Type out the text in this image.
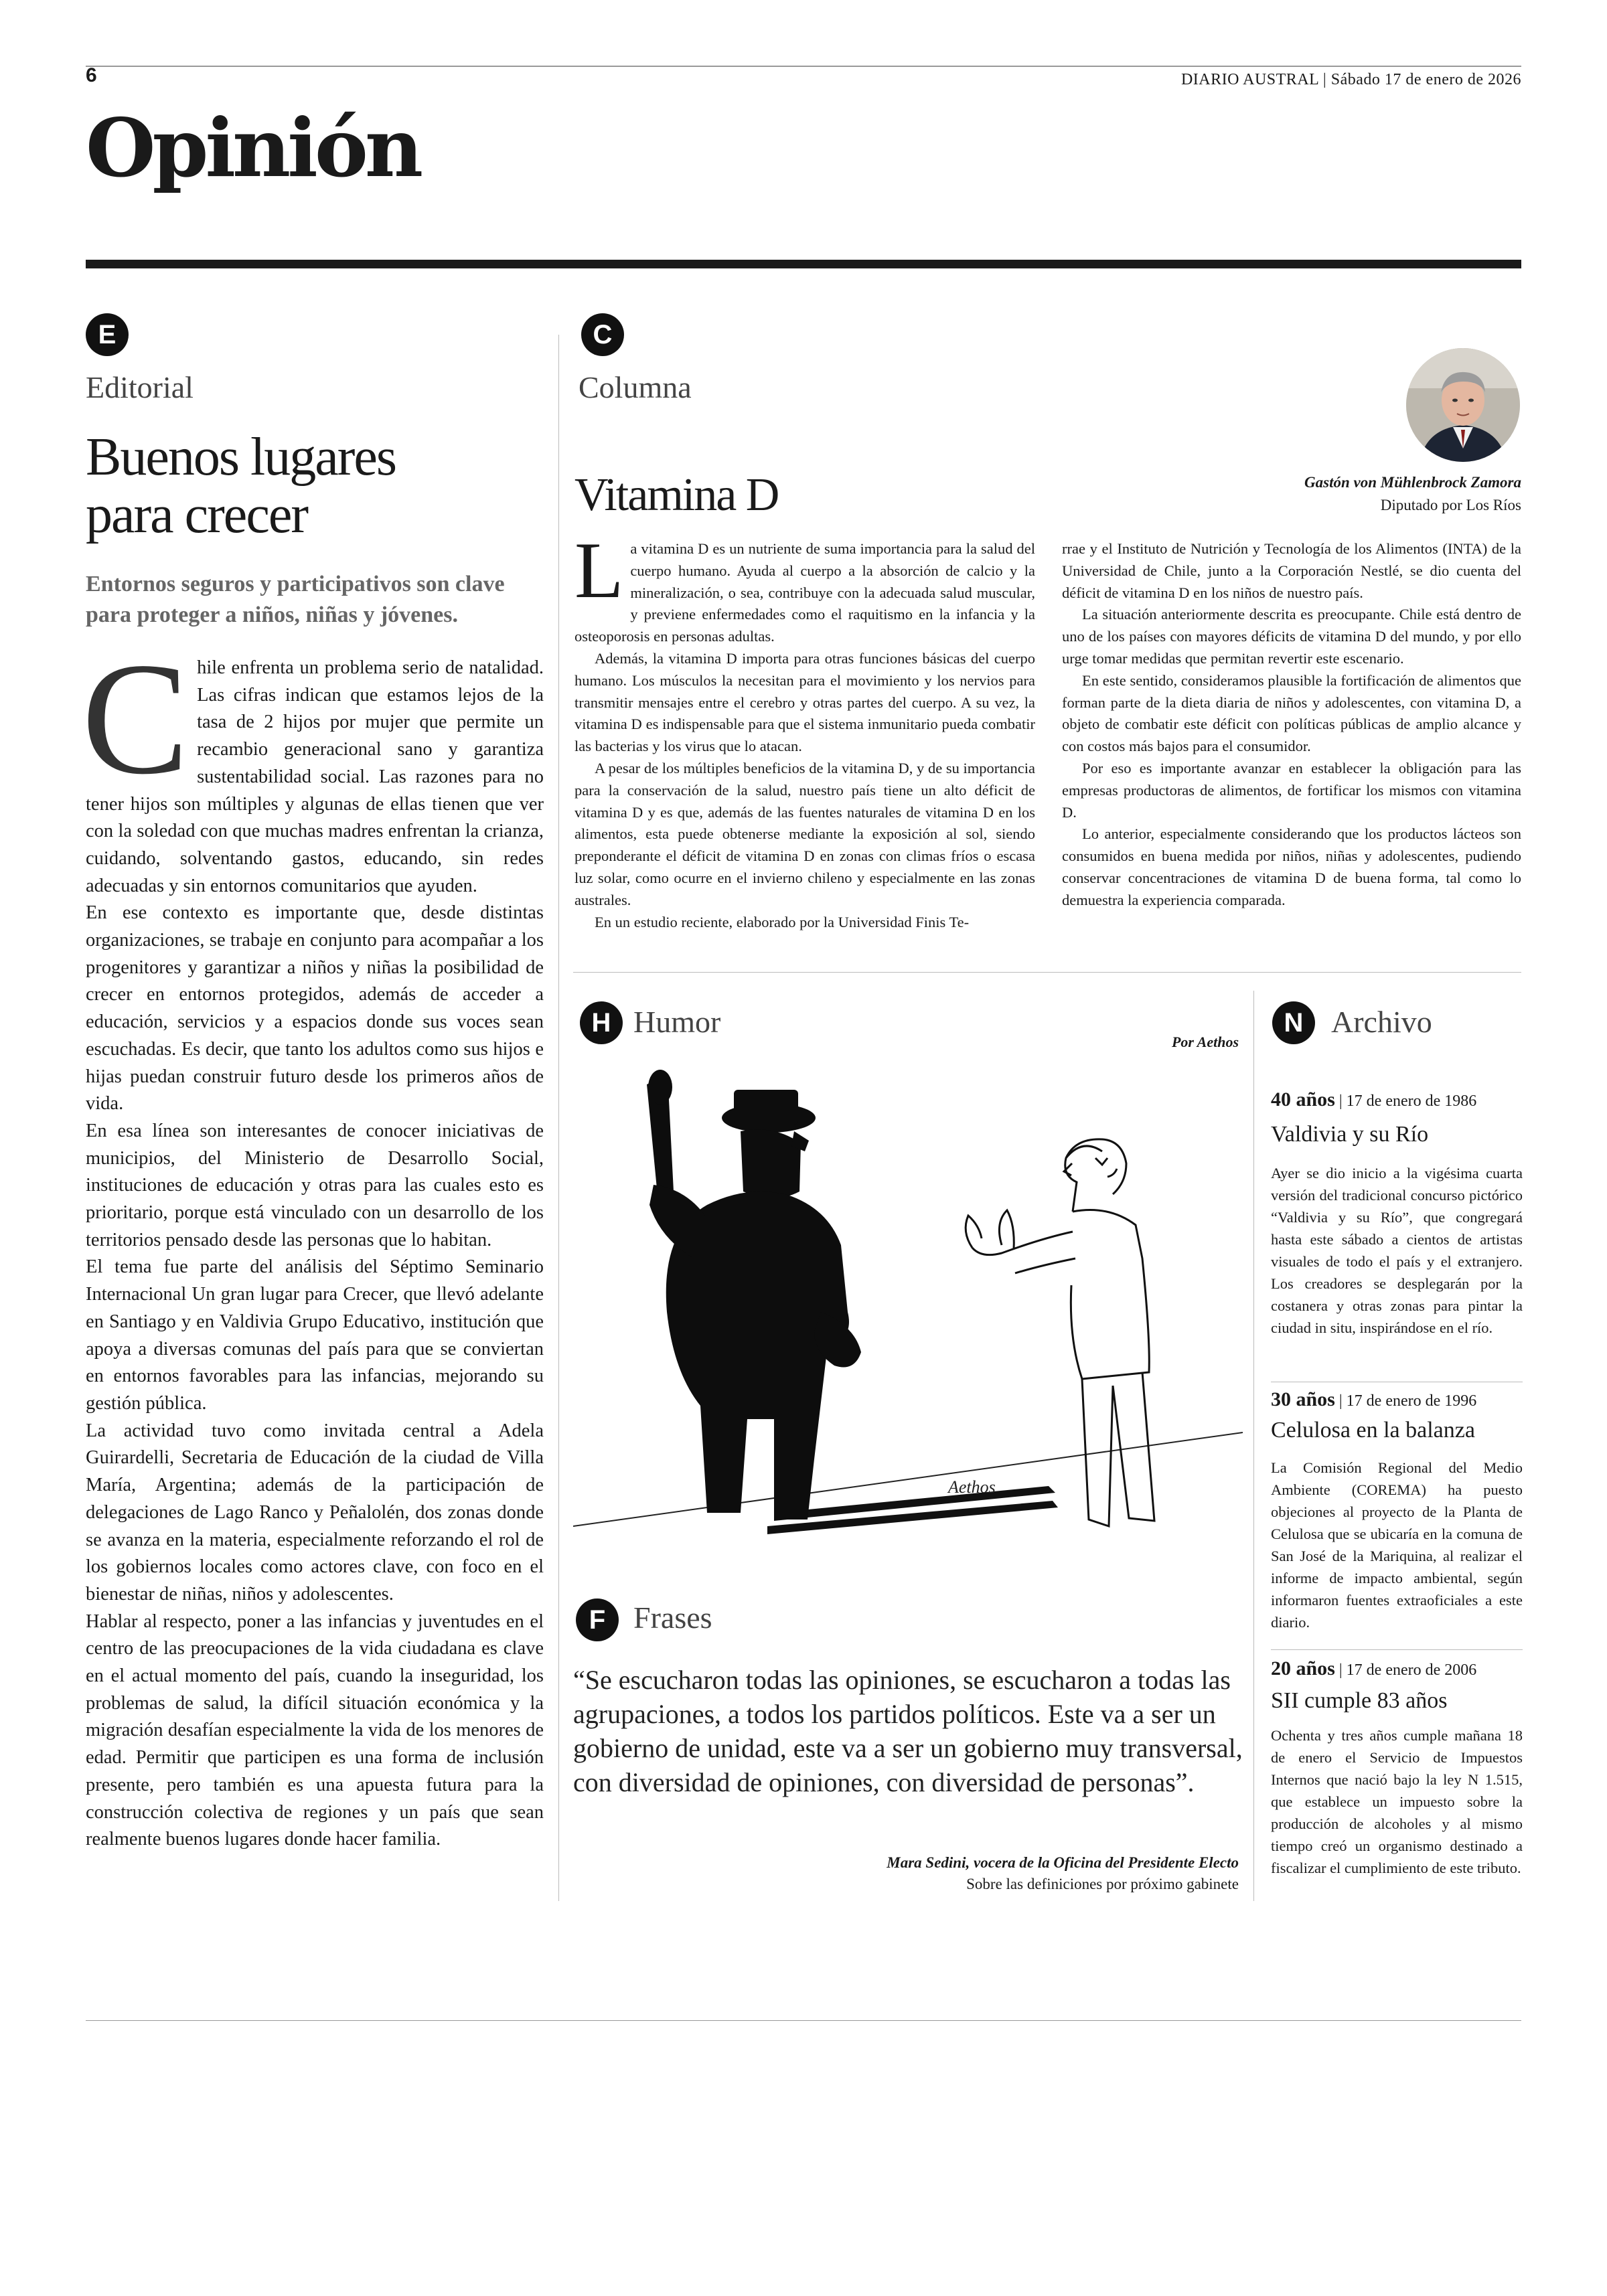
6	DIARIO AUSTRAL | Sábado 17 de enero de 2026
Opinión
E
Editorial
Buenos lugares para crecer

Entornos seguros y participativos son clave para proteger a niños, niñas y jóvenes.

C hile enfrenta un problema serio de natalidad. Las cifras indican que estamos lejos de la tasa de 2 hijos por mujer que permite un recambio generacional sano y garantiza sustentabilidad social. Las razones para no tener hijos son múltiples y algunas de ellas tienen que ver con la soledad con que muchas madres enfrentan la crianza, cuidando, solventando gastos, educando, sin redes adecuadas y sin entornos comunitarios que ayuden.

En ese contexto es importante que, desde distintas organizaciones, se trabaje en conjunto para acompañar a los progenitores y garantizar a niños y niñas la posibilidad de crecer en entornos protegidos, además de acceder a educación, servicios y a espacios donde sus voces sean escuchadas. Es decir, que tanto los adultos como sus hijos e hijas puedan construir futuro desde los primeros años de vida.

En esa línea son interesantes de conocer iniciativas de municipios, del Ministerio de Desarrollo Social, instituciones de educación y otras para las cuales esto es prioritario, porque está vinculado con un desarrollo de los territorios pensado desde las personas que lo habitan.

El tema fue parte del análisis del Séptimo Seminario Internacional Un gran lugar para Crecer, que llevó adelante en Santiago y en Valdivia Grupo Educativo, institución que apoya a diversas comunas del país para que se conviertan en entornos favorables para las infancias, mejorando su gestión pública.

La actividad tuvo como invitada central a Adela Guirardelli, Secretaria de Educación de la ciudad de Villa María, Argentina; además de la participación de delegaciones de Lago Ranco y Peñalolén, dos zonas donde se avanza en la materia, especialmente reforzando el rol de los gobiernos locales como actores clave, con foco en el bienestar de niñas, niños y adolescentes.

Hablar al respecto, poner a las infancias y juventudes en el centro de las preocupaciones de la vida ciudadana es clave en el actual momento del país, cuando la inseguridad, los problemas de salud, la difícil situación económica y la migración desafían especialmente la vida de los menores de edad. Permitir que participen es una forma de inclusión presente, pero también es una apuesta futura para la construcción colectiva de regiones y un país que sean realmente buenos lugares donde hacer familia.

C
Columna
Vitamina D	Gastón von Mühlenbrock Zamora
Diputado por Los Ríos
L a vitamina D es un nutriente de suma importancia para la salud del cuerpo humano. Ayuda al cuerpo a la absorción de calcio y la mineralización, o sea, contribuye con la adecuada salud muscular, y previene enfermedades como el raquitismo en la infancia y la osteoporosis en personas adultas.

Además, la vitamina D importa para otras funciones básicas del cuerpo humano. Los músculos la necesitan para el movimiento y los nervios para transmitir mensajes entre el cerebro y otras partes del cuerpo. A su vez, la vitamina D es indispensable para que el sistema inmunitario pueda combatir las bacterias y los virus que lo atacan.

A pesar de los múltiples beneficios de la vitamina D, y de su importancia para la conservación de la salud, nuestro país tiene un alto déficit de vitamina D y es que, además de las fuentes naturales de vitamina D en los alimentos, esta puede obtenerse mediante la exposición al sol, siendo preponderante el déficit de vitamina D en zonas con climas fríos o escasa luz solar, como ocurre en el invierno chileno y especialmente en las zonas australes.

En un estudio reciente, elaborado por la Universidad Finis Te-

rrae y el Instituto de Nutrición y Tecnología de los Alimentos (INTA) de la Universidad de Chile, junto a la Corporación Nestlé, se dio cuenta del déficit de vitamina D en los niños de nuestro país.

La situación anteriormente descrita es preocupante. Chile está dentro de uno de los países con mayores déficits de vitamina D del mundo, y por ello urge tomar medidas que permitan revertir este escenario.

En este sentido, consideramos plausible la fortificación de alimentos que forman parte de la dieta diaria de niños y adolescentes, con vitamina D, a objeto de combatir este déficit con políticas públicas de amplio alcance y con costos más bajos para el consumidor.

Por eso es importante avanzar en establecer la obligación para las empresas productoras de alimentos, de fortificar los mismos con vitamina D.

Lo anterior, especialmente considerando que los productos lácteos son consumidos en buena medida por niños, niñas y adolescentes, pudiendo conservar concentraciones de vitamina D de buena forma, tal como lo demuestra la experiencia comparada.

H Humor
Por Aethos
Aethos
F Frases

“Se escucharon todas las opiniones, se escucharon a todas las agrupaciones, a todos los partidos políticos. Este va a ser un gobierno de unidad, este va a ser un gobierno muy transversal, con diversidad de opiniones, con diversidad de personas”.

Mara Sedini, vocera de la Oficina del Presidente Electo
Sobre las definiciones por próximo gabinete
N Archivo
40 años | 17 de enero de 1986
Valdivia y su Río

Ayer se dio inicio a la vigésima cuarta versión del tradicional concurso pictórico “Valdivia y su Río”, que congregará hasta este sábado a cientos de artistas visuales de todo el país y el extranjero. Los creadores se desplegarán por la costanera y otras zonas para pintar la ciudad in situ, inspirándose en el río.

30 años | 17 de enero de 1996
Celulosa en la balanza

La Comisión Regional del Medio Ambiente (COREMA) ha puesto objeciones al proyecto de la Planta de Celulosa que se ubicaría en la comuna de San José de la Mariquina, al realizar el informe de impacto ambiental, según informaron fuentes extraoficiales a este diario.

20 años | 17 de enero de 2006
SII cumple 83 años

Ochenta y tres años cumple mañana 18 de enero el Servicio de Impuestos Internos que nació bajo la ley N 1.515, que establece un impuesto sobre la producción de alcoholes y al mismo tiempo creó un organismo destinado a fiscalizar el cumplimiento de este tributo.
